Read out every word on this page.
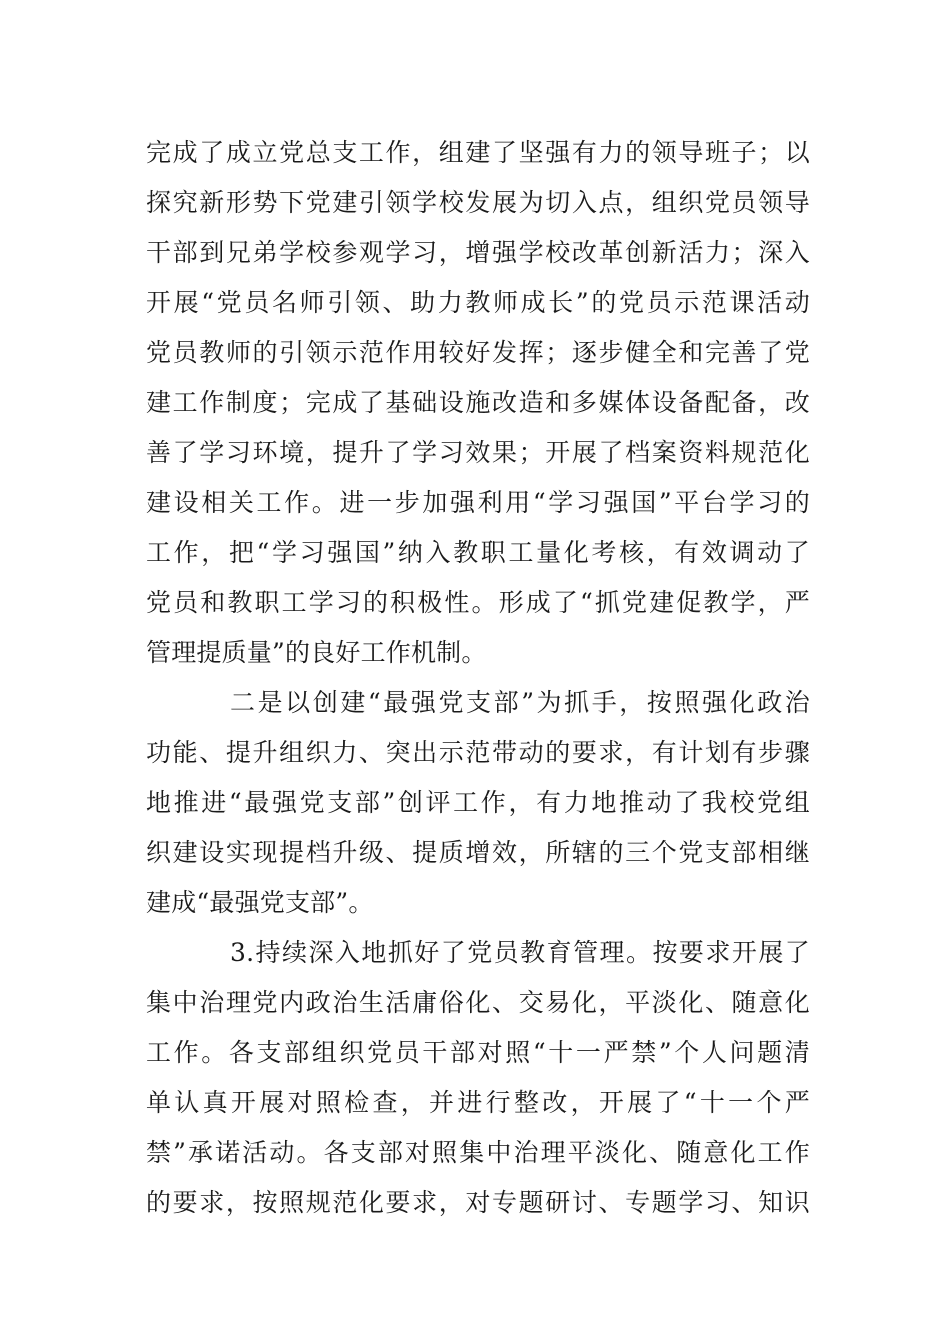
完成了成立党总支工作，组建了坚强有力的领导班子；以
探究新形势下党建引领学校发展为切入点，组织党员领导
干部到兄弟学校参观学习，增强学校改革创新活力；深入
开展“党员名师引领、助力教师成长”的党员示范课活动
党员教师的引领示范作用较好发挥；逐步健全和完善了党
建工作制度；完成了基础设施改造和多媒体设备配备，改
善了学习环境，提升了学习效果；开展了档案资料规范化
建设相关工作。进一步加强利用“学习强国”平台学习的
工作，把“学习强国”纳入教职工量化考核，有效调动了
党员和教职工学习的积极性。形成了“抓党建促教学，严
管理提质量”的良好工作机制。
二是以创建“最强党支部”为抓手，按照强化政治
功能、提升组织力、突出示范带动的要求，有计划有步骤
地推进“最强党支部”创评工作，有力地推动了我校党组
织建设实现提档升级、提质增效，所辖的三个党支部相继
建成“最强党支部”。
3.持续深入地抓好了党员教育管理。按要求开展了
集中治理党内政治生活庸俗化、交易化，平淡化、随意化
工作。各支部组织党员干部对照“十一严禁”个人问题清
单认真开展对照检查，并进行整改，开展了“十一个严
禁”承诺活动。各支部对照集中治理平淡化、随意化工作
的要求，按照规范化要求，对专题研讨、专题学习、知识
